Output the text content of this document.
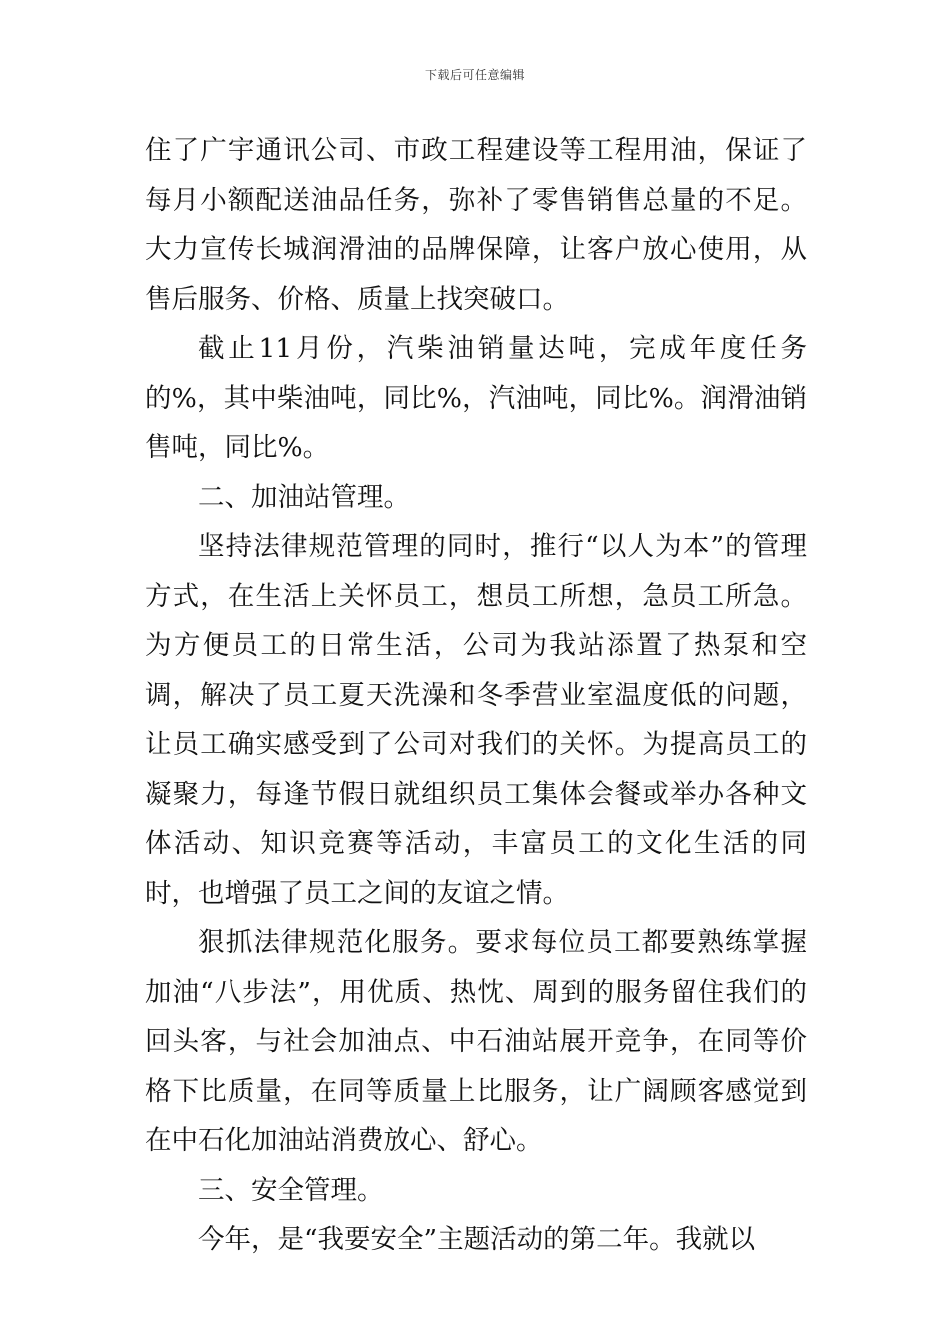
下载后可任意编辑

住了广宇通讯公司、市政工程建设等工程用油，保证了每月小额配送油品任务，弥补了零售销售总量的不足。大力宣传长城润滑油的品牌保障，让客户放心使用，从售后服务、价格、质量上找突破口。

截止11月份，汽柴油销量达吨，完成年度任务的%，其中柴油吨，同比%，汽油吨，同比%。润滑油销售吨，同比%。

二、加油站管理。

坚持法律规范管理的同时，推行“以人为本”的管理方式，在生活上关怀员工，想员工所想，急员工所急。为方便员工的日常生活，公司为我站添置了热泵和空调，解决了员工夏天洗澡和冬季营业室温度低的问题，让员工确实感受到了公司对我们的关怀。为提高员工的凝聚力，每逢节假日就组织员工集体会餐或举办各种文体活动、知识竞赛等活动，丰富员工的文化生活的同时，也增强了员工之间的友谊之情。

狠抓法律规范化服务。要求每位员工都要熟练掌握加油“八步法”，用优质、热忱、周到的服务留住我们的回头客，与社会加油点、中石油站展开竞争，在同等价格下比质量，在同等质量上比服务，让广阔顾客感觉到在中石化加油站消费放心、舒心。

三、安全管理。

今年，是“我要安全”主题活动的第二年。我就以
